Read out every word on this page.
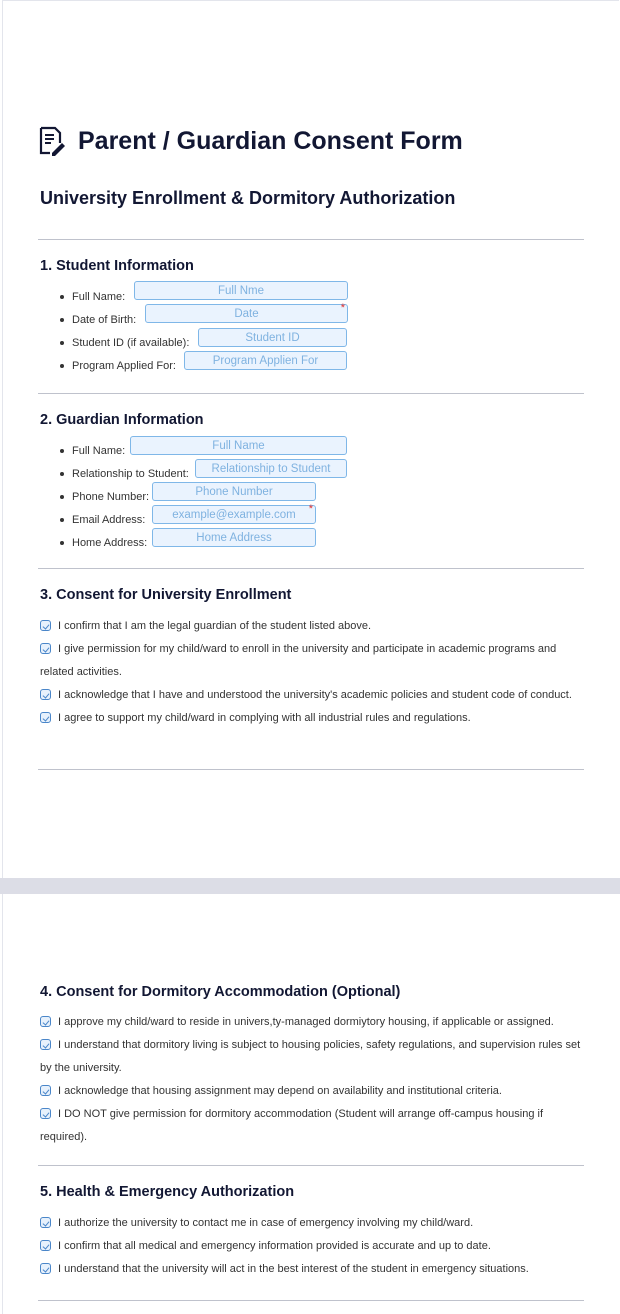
Parent / Guardian Consent Form
University Enrollment & Dormitory Authorization
1. Student Information
Full Name:
Full Nme
Date of Birth:
Date	*
Student ID (if available):	Student ID
Program Applied For:	Program Applien For
2. Guardian Information
Full Name:	Full Name
Relationship to Student: Relationship to Student
Phone Number:	Phone Number
Email Address: example@example.com *
Home Address:	Home Address
3. Consent for University Enrollment
I confirm that I am the legal guardian of the student listed above.
I give permission for my child/ward to enroll in the university and participate in academic programs and related activities.
I acknowledge that I have and understood the university's academic policies and student code of conduct.
I agree to support my child/ward in complying with all industrial rules and regulations.
4. Consent for Dormitory Accommodation (Optional)
I approve my child/ward to reside in univers,ty-managed dormiytory housing, if applicable or assigned.
I understand that dormitory living is subject to housing policies, safety regulations, and supervision rules set by the university.
I acknowledge that housing assignment may depend on availability and institutional criteria.
I DO NOT give permission for dormitory accommodation (Student will arrange off-campus housing if required).
5. Health & Emergency Authorization
I authorize the university to contact me in case of emergency involving my child/ward.
I confirm that all medical and emergency information provided is accurate and up to date.
I understand that the university will act in the best interest of the student in emergency situations.
